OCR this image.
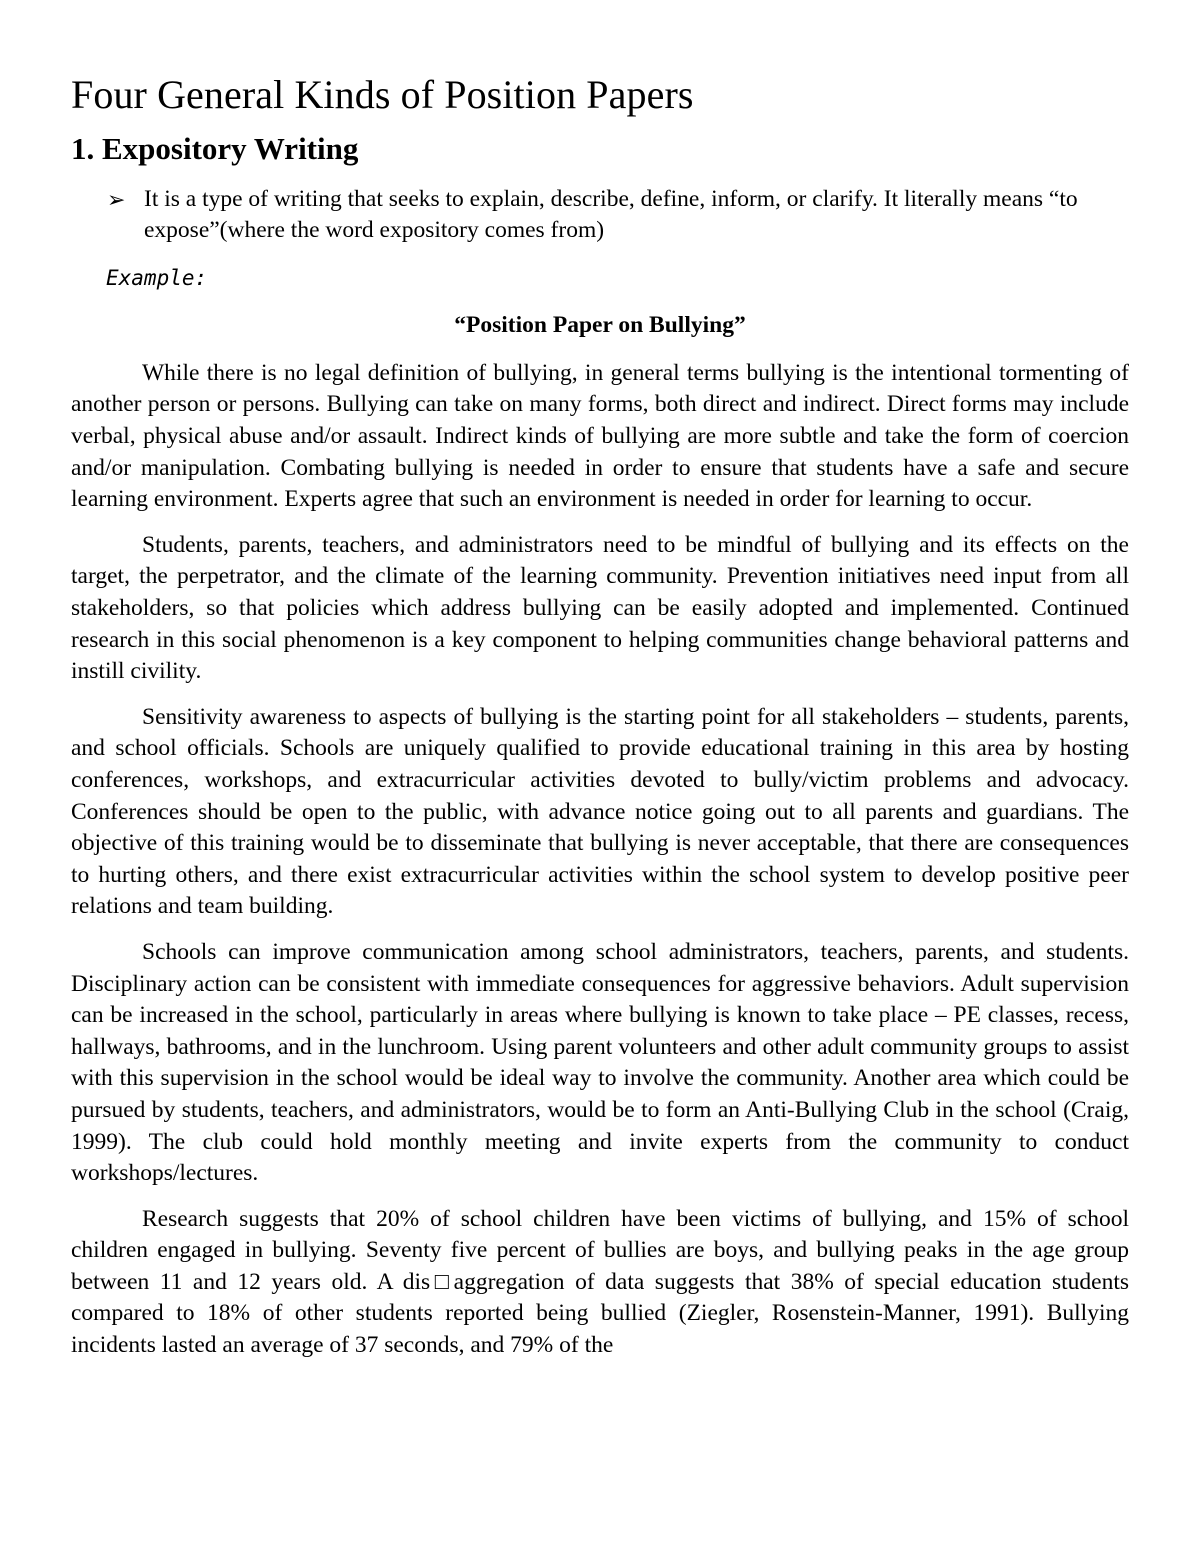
Four General Kinds of Position Papers
1. Expository Writing
➢ It is a type of writing that seeks to explain, describe, define, inform, or clarify. It literally means “to expose”(where the word expository comes from)
Example:
“Position Paper on Bullying”

While there is no legal definition of bullying, in general terms bullying is the intentional tormenting of another person or persons. Bullying can take on many forms, both direct and indirect. Direct forms may include verbal, physical abuse and/or assault. Indirect kinds of bullying are more subtle and take the form of coercion and/or manipulation. Combating bullying is needed in order to ensure that students have a safe and secure learning environment. Experts agree that such an environment is needed in order for learning to occur.

Students, parents, teachers, and administrators need to be mindful of bullying and its effects on the target, the perpetrator, and the climate of the learning community. Prevention initiatives need input from all stakeholders, so that policies which address bullying can be easily adopted and implemented. Continued research in this social phenomenon is a key component to helping communities change behavioral patterns and instill civility.

Sensitivity awareness to aspects of bullying is the starting point for all stakeholders – students, parents, and school officials. Schools are uniquely qualified to provide educational training in this area by hosting conferences, workshops, and extracurricular activities devoted to bully/victim problems and advocacy. Conferences should be open to the public, with advance notice going out to all parents and guardians. The objective of this training would be to disseminate that bullying is never acceptable, that there are consequences to hurting others, and there exist extracurricular activities within the school system to develop positive peer relations and team building.

Schools can improve communication among school administrators, teachers, parents, and students. Disciplinary action can be consistent with immediate consequences for aggressive behaviors. Adult supervision can be increased in the school, particularly in areas where bullying is known to take place – PE classes, recess, hallways, bathrooms, and in the lunchroom. Using parent volunteers and other adult community groups to assist with this supervision in the school would be ideal way to involve the community. Another area which could be pursued by students, teachers, and administrators, would be to form an Anti-Bullying Club in the school (Craig, 1999). The club could hold monthly meeting and invite experts from the community to conduct workshops/lectures.

Research suggests that 20% of school children have been victims of bullying, and 15% of school children engaged in bullying. Seventy five percent of bullies are boys, and bullying peaks in the age group between 11 and 12 years old. A dis□aggregation of data suggests that 38% of special education students compared to 18% of other students reported being bullied (Ziegler, Rosenstein-Manner, 1991). Bullying incidents lasted an average of 37 seconds, and 79% of the
